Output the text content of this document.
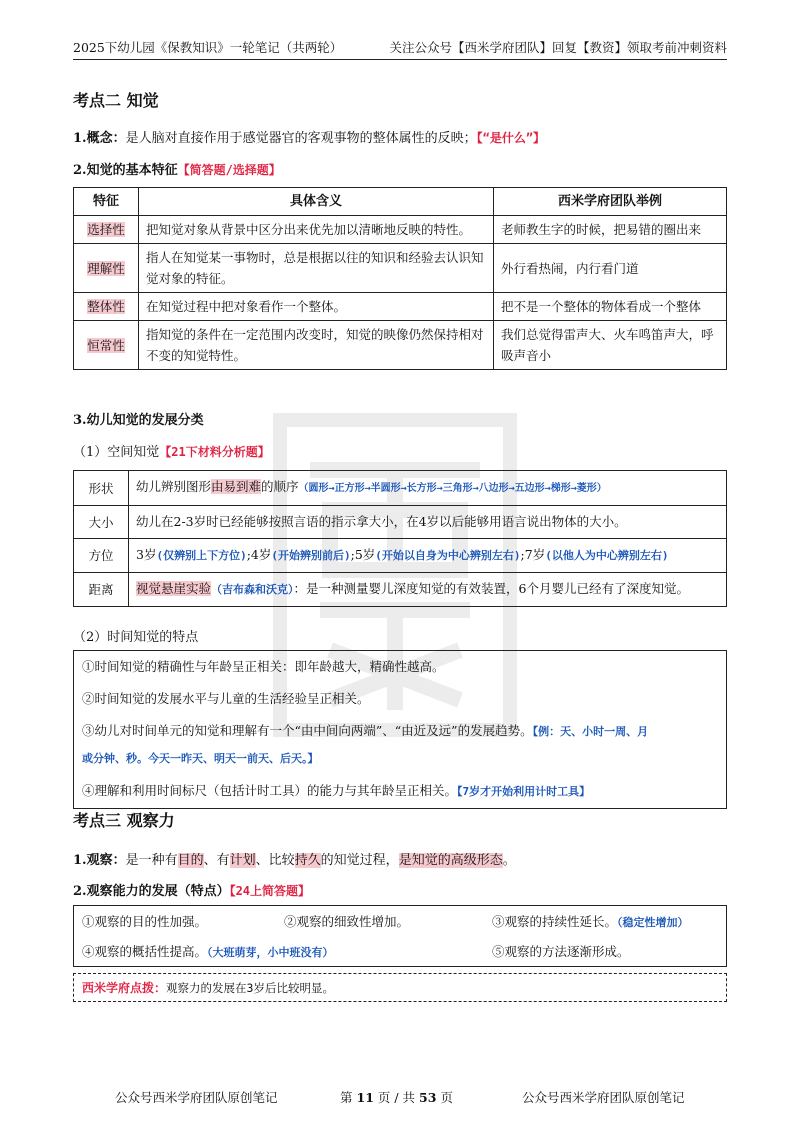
2025下幼儿园《保教知识》一轮笔记（共两轮）	关注公众号【西米学府团队】回复【教资】领取考前冲刺资料
考点二 知觉
1.概念：是人脑对直接作用于感觉器官的客观事物的整体属性的反映；【“是什么”】
2.知觉的基本特征【简答题/选择题】
特征	具体含义	西米学府团队举例
选择性	把知觉对象从背景中区分出来优先加以清晰地反映的特性。	老师教生字的时候，把易错的圈出来
理解性	指人在知觉某一事物时，总是根据以往的知识和经验去认识知觉对象的特征。	外行看热闹，内行看门道
整体性	在知觉过程中把对象看作一个整体。	把不是一个整体的物体看成一个整体
恒常性	指知觉的条件在一定范围内改变时，知觉的映像仍然保持相对不变的知觉特性。	我们总觉得雷声大、火车鸣笛声大，呼吸声音小
3.幼儿知觉的发展分类
（1）空间知觉【21下材料分析题】
形状	幼儿辨别图形由易到难的顺序（圆形→正方形→半圆形→长方形→三角形→八边形→五边形→梯形→菱形）
大小	幼儿在2-3岁时已经能够按照言语的指示拿大小，在4岁以后能够用语言说出物体的大小。
方位	3岁(仅辨别上下方位);4岁(开始辨别前后);5岁(开始以自身为中心辨别左右);7岁(以他人为中心辨别左右)
距离	视觉悬崖实验（吉布森和沃克）：是一种测量婴儿深度知觉的有效装置，6个月婴儿已经有了深度知觉。
（2）时间知觉的特点
①时间知觉的精确性与年龄呈正相关：即年龄越大，精确性越高。
②时间知觉的发展水平与儿童的生活经验呈正相关。
③幼儿对时间单元的知觉和理解有一个“由中间向两端”、“由近及远”的发展趋势。【例：天、小时一周、月
或分钟、秒。今天一昨天、明天一前天、后天。】
④理解和利用时间标尺（包括计时工具）的能力与其年龄呈正相关。【7岁才开始利用计时工具】
考点三 观察力
1.观察：是一种有目的、有计划、比较持久的知觉过程，是知觉的高级形态。
2.观察能力的发展（特点）【24上简答题】
①观察的目的性加强。	②观察的细致性增加。	③观察的持续性延长。（稳定性增加）
④观察的概括性提高。（大班萌芽，小中班没有）	⑤观察的方法逐渐形成。
西米学府点拨：观察力的发展在3岁后比较明显。
公众号西米学府团队原创笔记	第 11 页 / 共 53 页	公众号西米学府团队原创笔记
